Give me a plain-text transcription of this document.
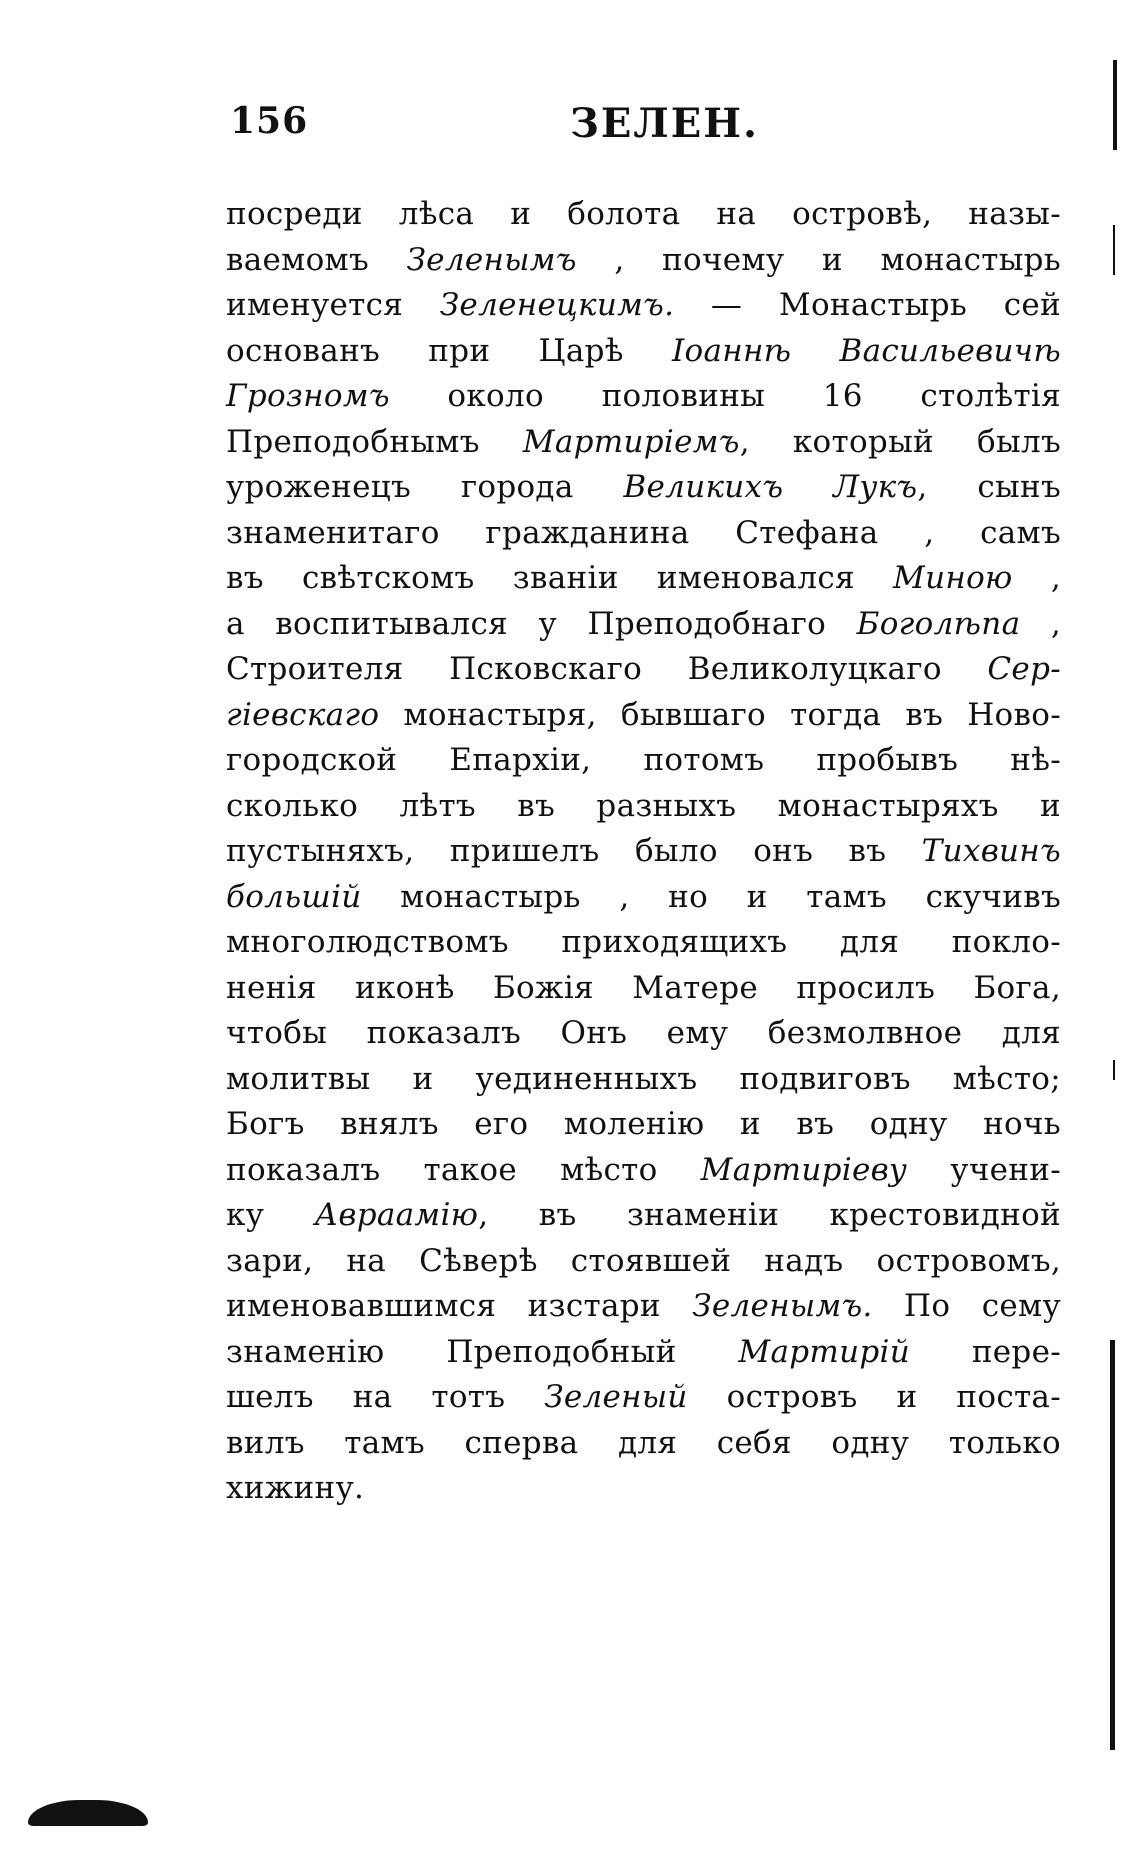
156	ЗЕЛЕН.
посреди лѣса и болота на островѣ, назы-
ваемомъ Зеленымъ , почему и монастырь
именуется Зеленецкимъ. — Монастырь сей
основанъ при Царѣ Іоаннѣ Васильевичѣ
Грозномъ около половины 16 столѣтія
Преподобнымъ Мартиріемъ, который былъ
уроженецъ города Великихъ Лукъ, сынъ
знаменитаго гражданина Стефана , самъ
въ свѣтскомъ званіи именовался Миною ,
а воспитывался у Преподобнаго Боголѣпа ,
Строителя Псковскаго Великолуцкаго Сер-
гіевскаго монастыря, бывшаго тогда въ Ново-
городской Епархіи, потомъ пробывъ нѣ-
сколько лѣтъ въ разныхъ монастыряхъ и
пустыняхъ, пришелъ было онъ въ Тихвинъ
большій монастырь , но и тамъ скучивъ
многолюдствомъ приходящихъ для покло-
ненія иконѣ Божія Матере просилъ Бога,
чтобы показалъ Онъ ему безмолвное для
молитвы и уединенныхъ подвиговъ мѣсто;
Богъ внялъ его моленію и въ одну ночь
показалъ такое мѣсто Мартиріеву учени-
ку Авраамію, въ знаменіи крестовидной
зари, на Сѣверѣ стоявшей надъ островомъ,
именовавшимся изстари Зеленымъ. По сему
знаменію Преподобный Мартирій пере-
шелъ на тотъ Зеленый островъ и поста-
вилъ тамъ сперва для себя одну только
хижину.
